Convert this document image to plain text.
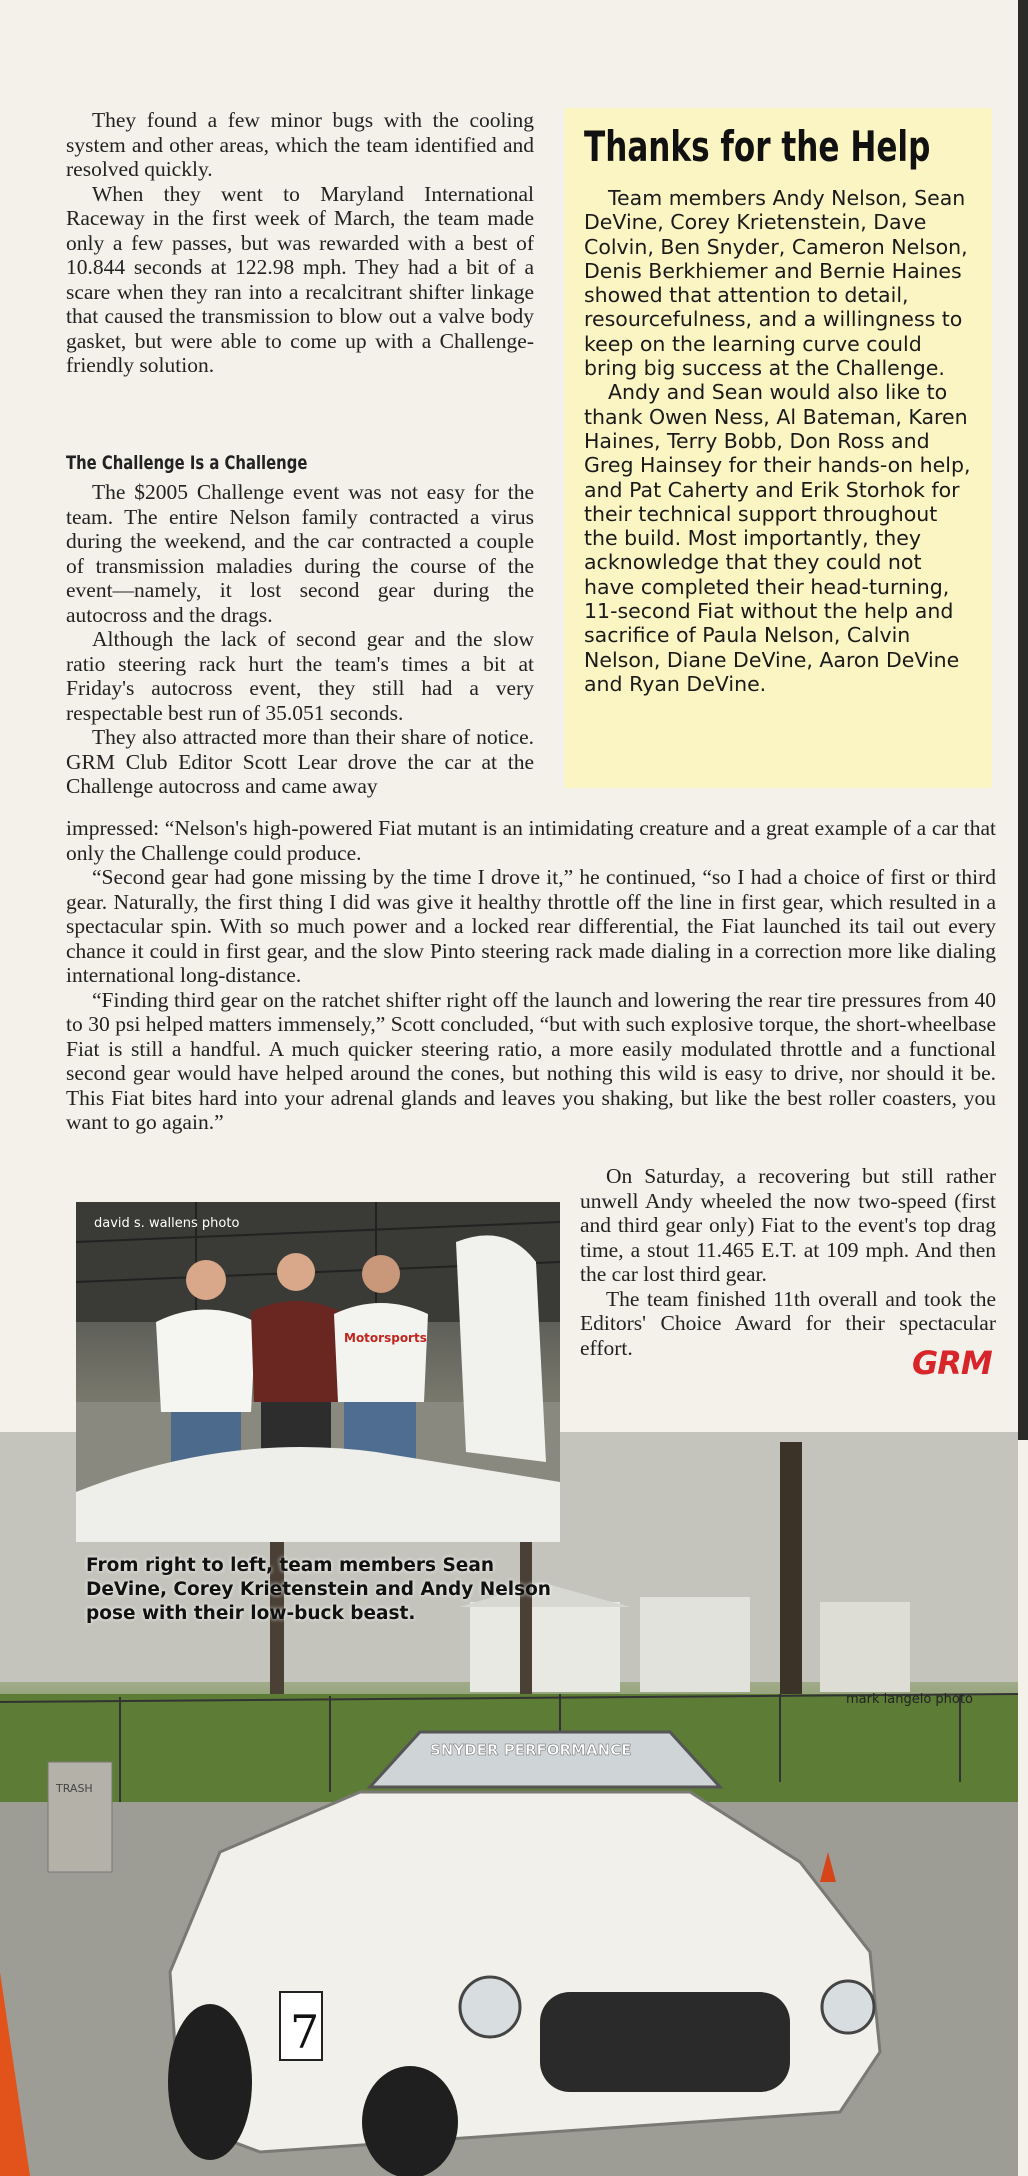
They found a few minor bugs with the cooling system and other areas, which the team identified and resolved quickly.

When they went to Maryland International Raceway in the first week of March, the team made only a few passes, but was rewarded with a best of 10.844 seconds at 122.98 mph. They had a bit of a scare when they ran into a recalcitrant shifter linkage that caused the transmission to blow out a valve body gasket, but were able to come up with a Challenge-friendly solution.

The Challenge Is a Challenge

The $2005 Challenge event was not easy for the team. The entire Nelson family contracted a virus during the weekend, and the car contracted a couple of transmission maladies during the course of the event—namely, it lost second gear during the autocross and the drags.

Although the lack of second gear and the slow ratio steering rack hurt the team's times a bit at Friday's autocross event, they still had a very respectable best run of 35.051 seconds.

They also attracted more than their share of notice. GRM Club Editor Scott Lear drove the car at the Challenge autocross and came away

Thanks for the Help

Team members Andy Nelson, Sean DeVine, Corey Krietenstein, Dave Colvin, Ben Snyder, Cameron Nelson, Denis Berkhiemer and Bernie Haines showed that attention to detail, resourcefulness, and a willingness to keep on the learning curve could bring big success at the Challenge.

Andy and Sean would also like to thank Owen Ness, Al Bateman, Karen Haines, Terry Bobb, Don Ross and Greg Hainsey for their hands-on help, and Pat Caherty and Erik Storhok for their technical support throughout the build. Most importantly, they acknowledge that they could not have completed their head-turning, 11-second Fiat without the help and sacrifice of Paula Nelson, Calvin Nelson, Diane DeVine, Aaron DeVine and Ryan DeVine.

impressed: “Nelson's high-powered Fiat mutant is an intimidating creature and a great example of a car that only the Challenge could produce.

“Second gear had gone missing by the time I drove it,” he continued, “so I had a choice of first or third gear. Naturally, the first thing I did was give it healthy throttle off the line in first gear, which resulted in a spectacular spin. With so much power and a locked rear differential, the Fiat launched its tail out every chance it could in first gear, and the slow Pinto steering rack made dialing in a correction more like dialing international long-distance.

“Finding third gear on the ratchet shifter right off the launch and lowering the rear tire pressures from 40 to 30 psi helped matters immensely,” Scott concluded, “but with such explosive torque, the short-wheelbase Fiat is still a handful. A much quicker steering ratio, a more easily modulated throttle and a functional second gear would have helped around the cones, but nothing this wild is easy to drive, nor should it be. This Fiat bites hard into your adrenal glands and leaves you shaking, but like the best roller coasters, you want to go again.”

On Saturday, a recovering but still rather unwell Andy wheeled the now two-speed (first and third gear only) Fiat to the event's top drag time, a stout 11.465 E.T. at 109 mph. And then the car lost third gear.

The team finished 11th overall and took the Editors' Choice Award for their spectacular effort.

TRASH
SNYDER PERFORMANCE
7
mark langelo photo
Motorsports
david s. wallens photo
From right to left, team members Sean DeVine, Corey Krietenstein and Andy Nelson pose with their low-buck beast.
GRM
